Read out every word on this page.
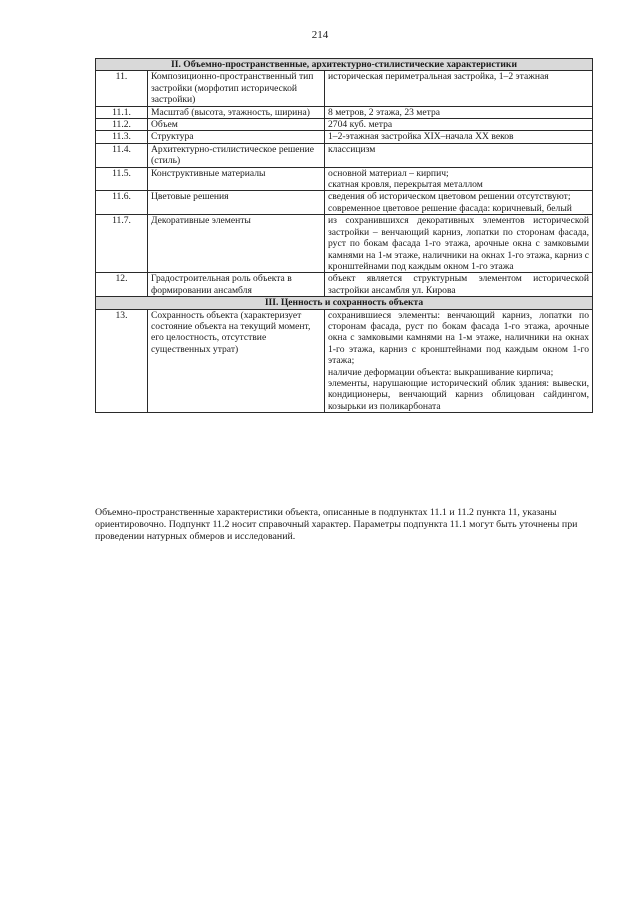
214
II. Объемно-пространственные, архитектурно-стилистические характеристики		
11.	Композиционно-пространственный тип застройки (морфотип исторической застройки)	историческая периметральная застройка, 1–2 этажная
11.1.	Масштаб (высота, этажность, ширина)	8 метров, 2 этажа, 23 метра
11.2.	Объем	2704 куб. метра
11.3.	Структура	1–2-этажная застройка XIX–начала XX веков
11.4.	Архитектурно-стилистическое решение (стиль)	классицизм
11.5.	Конструктивные материалы	основной материал – кирпич;
скатная кровля, перекрытая металлом

11.6.	Цветовые решения	сведения об историческом цветовом решении отсутствуют;
современное цветовое решение фасада: коричневый, белый

11.7.	Декоративные элементы	из сохранившихся декоративных элементов исторической застройки – венчающий карниз, лопатки по сторонам фасада, руст по бокам фасада 1-го этажа, арочные окна с замковыми камнями на 1-м этаже, наличники на окнах 1-го этажа, карниз с кронштейнами под каждым окном 1-го этажа
12.	Градостроительная роль объекта в формировании ансамбля	объект является структурным элементом исторической застройки ансамбля ул. Кирова
III. Ценность и сохранность объекта		
13.	Сохранность объекта (характеризует состояние объекта на текущий момент, его целостность, отсутствие существенных утрат)	сохранившиеся элементы: венчающий карниз, лопатки по сторонам фасада, руст по бокам фасада 1-го этажа, арочные окна с замковыми камнями на 1-м этаже, наличники на окнах 1-го этажа, карниз с кронштейнами под каждым окном 1-го этажа;
наличие деформации объекта: выкрашивание кирпича;
элементы, нарушающие исторический облик здания: вывески, кондиционеры, венчающий карниз облицован сайдингом, козырьки из поликарбоната
Объемно-пространственные характеристики объекта, описанные в подпунктах 11.1 и 11.2 пункта 11, указаны ориентировочно. Подпункт 11.2 носит справочный характер. Параметры подпункта 11.1 могут быть уточнены при проведении натурных обмеров и исследований.
